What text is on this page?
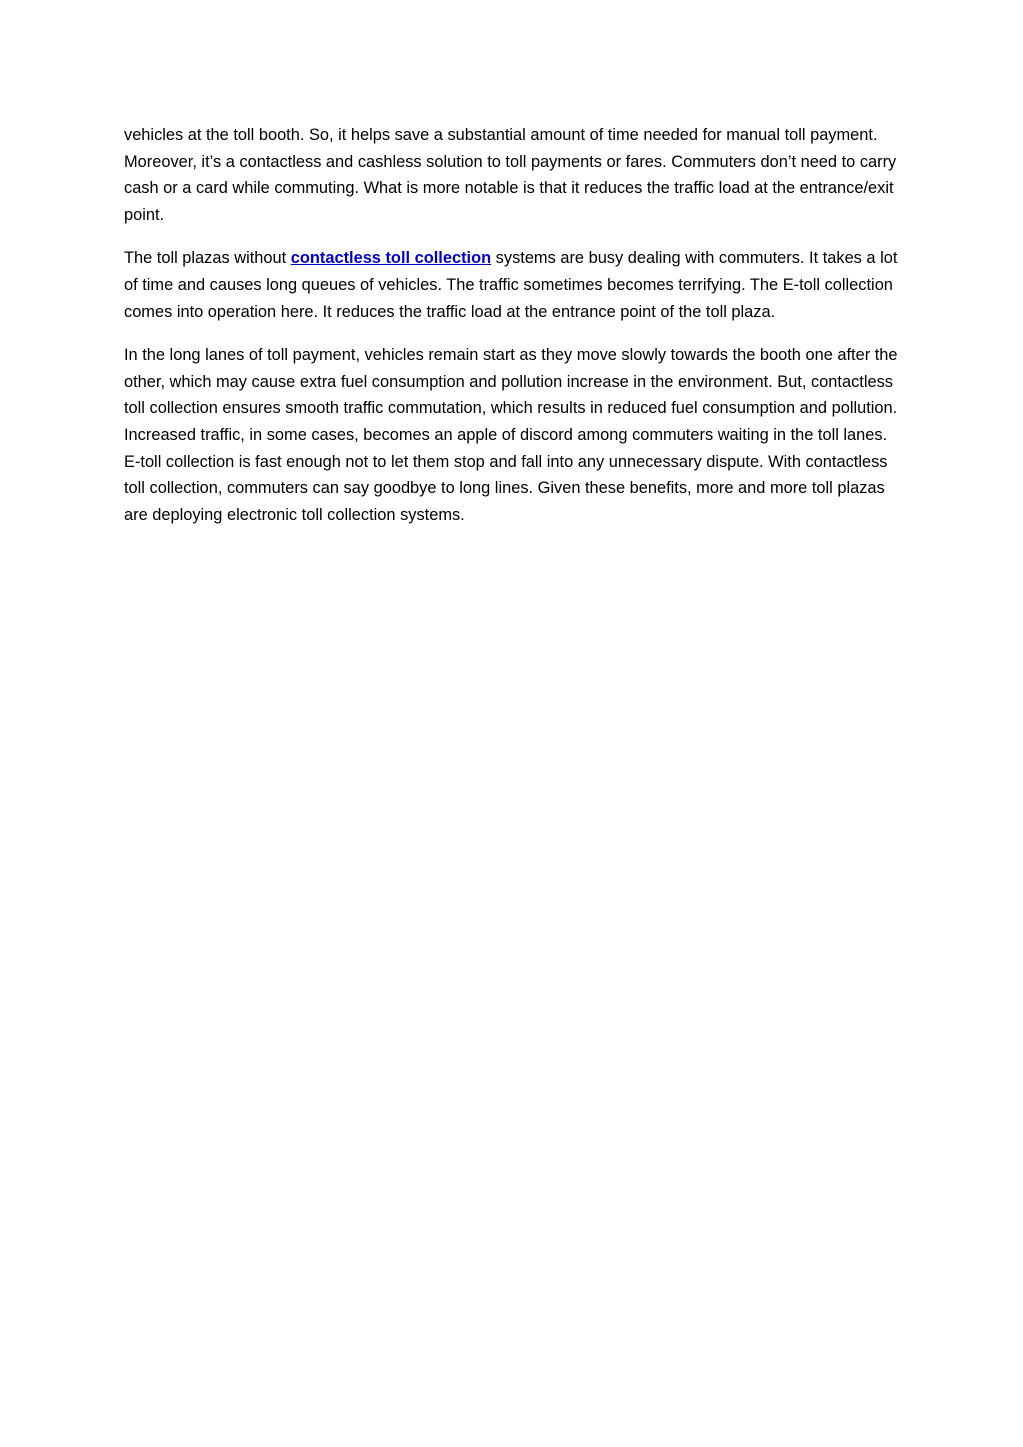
vehicles at the toll booth. So, it helps save a substantial amount of time needed for manual toll payment. Moreover, it’s a contactless and cashless solution to toll payments or fares. Commuters don’t need to carry cash or a card while commuting. What is more notable is that it reduces the traffic load at the entrance/exit point.

The toll plazas without contactless toll collection systems are busy dealing with commuters. It takes a lot of time and causes long queues of vehicles. The traffic sometimes becomes terrifying. The E-toll collection comes into operation here. It reduces the traffic load at the entrance point of the toll plaza.

In the long lanes of toll payment, vehicles remain start as they move slowly towards the booth one after the other, which may cause extra fuel consumption and pollution increase in the environment. But, contactless toll collection ensures smooth traffic commutation, which results in reduced fuel consumption and pollution. Increased traffic, in some cases, becomes an apple of discord among commuters waiting in the toll lanes. E-toll collection is fast enough not to let them stop and fall into any unnecessary dispute. With contactless toll collection, commuters can say goodbye to long lines. Given these benefits, more and more toll plazas are deploying electronic toll collection systems.
